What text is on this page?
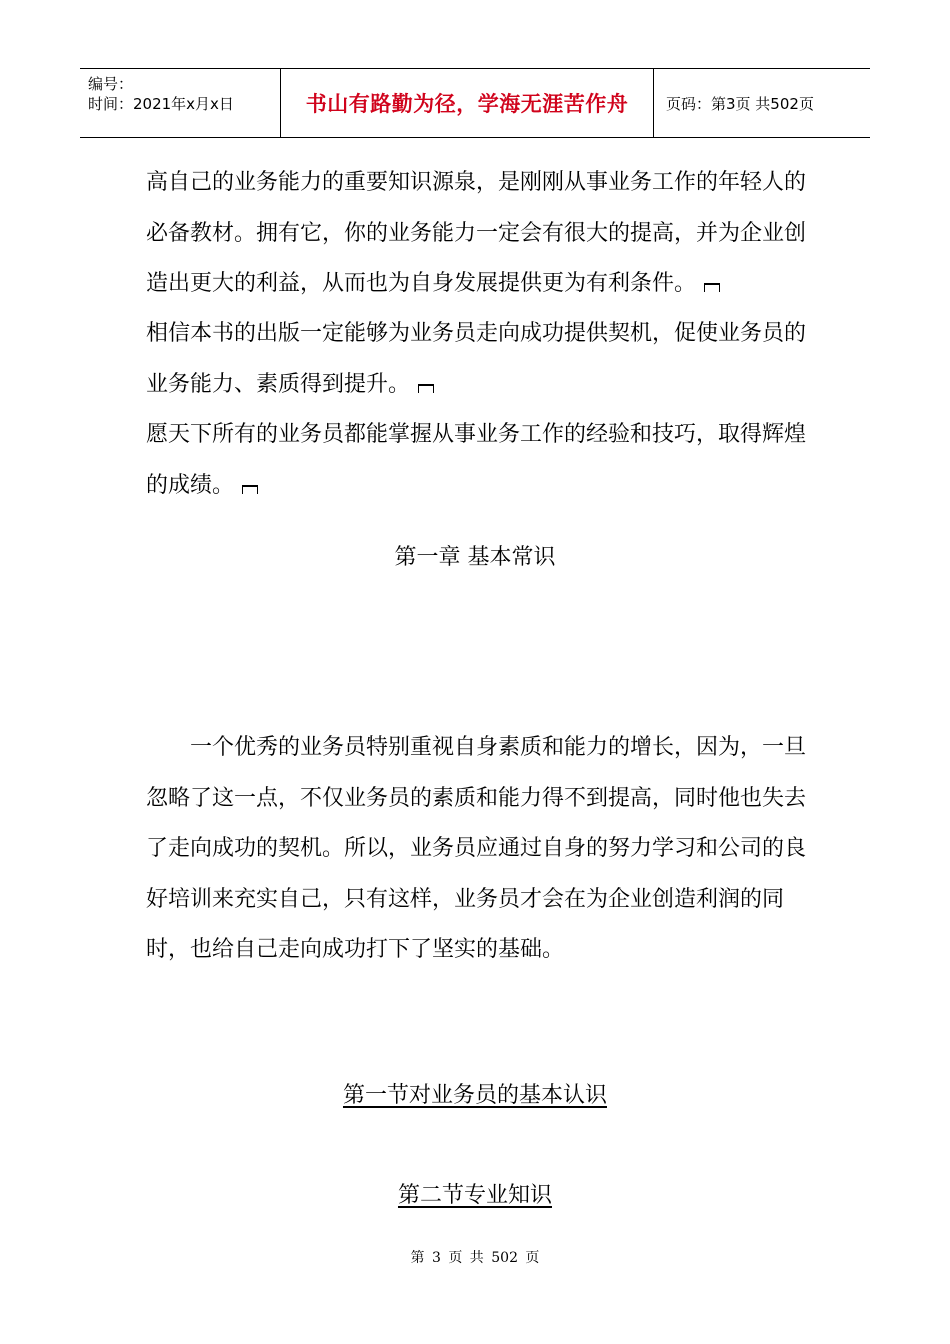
编号：
时间：2021年x月x日	书山有路勤为径，学海无涯苦作舟	页码：第3页 共502页
高自己的业务能力的重要知识源泉，是刚刚从事业务工作的年轻人的必备教材。拥有它，你的业务能力一定会有很大的提高，并为企业创造出更大的利益，从而也为自身发展提供更为有利条件。
相信本书的出版一定能够为业务员走向成功提供契机，促使业务员的业务能力、素质得到提升。
愿天下所有的业务员都能掌握从事业务工作的经验和技巧，取得辉煌的成绩。
第一章 基本常识
一个优秀的业务员特别重视自身素质和能力的增长，因为，一旦忽略了这一点，不仅业务员的素质和能力得不到提高，同时他也失去了走向成功的契机。所以，业务员应通过自身的努力学习和公司的良好培训来充实自己，只有这样，业务员才会在为企业创造利润的同时，也给自己走向成功打下了坚实的基础。
第一节对业务员的基本认识
第二节专业知识
第 3 页 共 502 页
